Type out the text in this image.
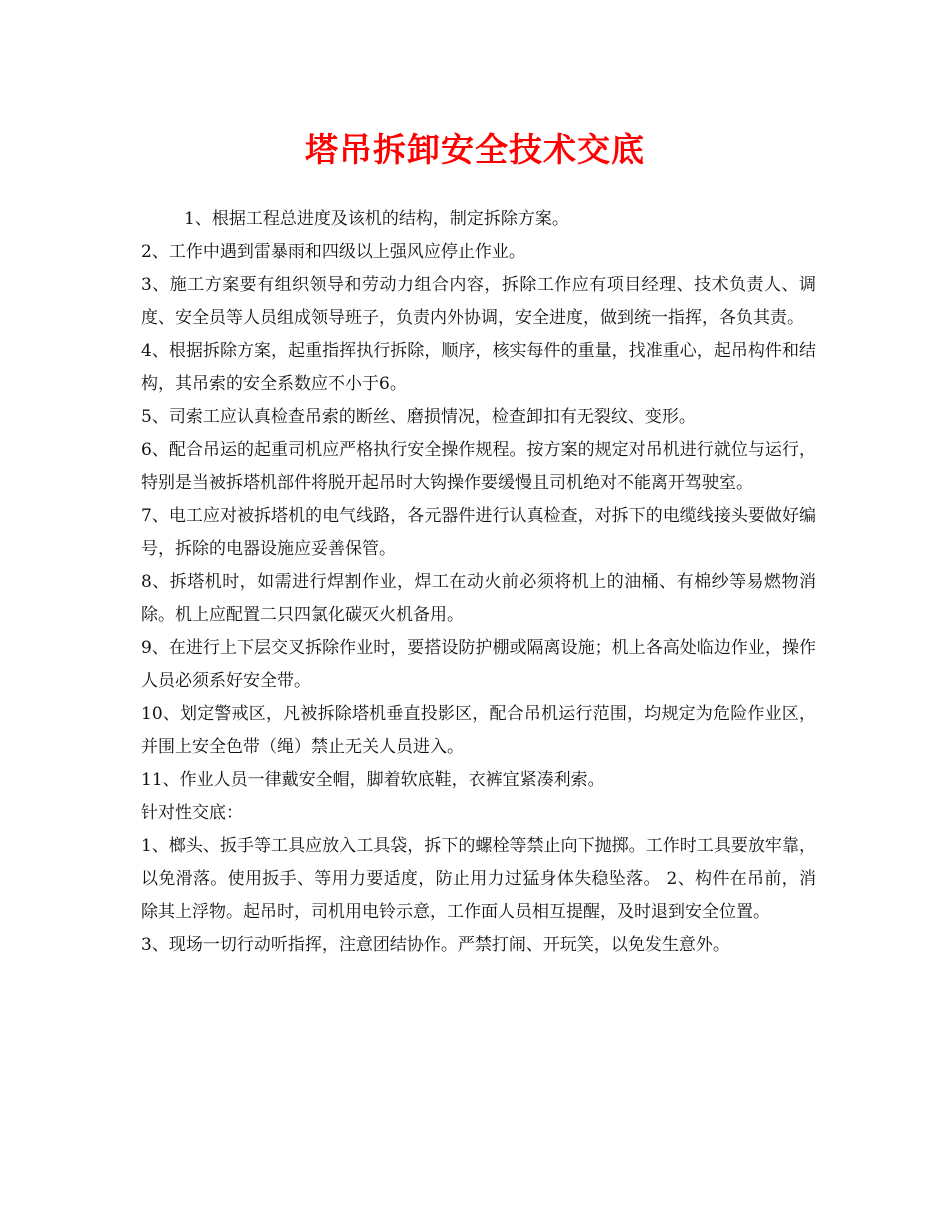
塔吊拆卸安全技术交底

1、根据工程总进度及该机的结构，制定拆除方案。

2、工作中遇到雷暴雨和四级以上强风应停止作业。

3、施工方案要有组织领导和劳动力组合内容，拆除工作应有项目经理、技术负责人、调度、安全员等人员组成领导班子，负责内外协调，安全进度，做到统一指挥，各负其责。

4、根据拆除方案，起重指挥执行拆除，顺序，核实每件的重量，找准重心，起吊构件和结构，其吊索的安全系数应不小于6。

5、司索工应认真检查吊索的断丝、磨损情况，检查卸扣有无裂纹、变形。

6、配合吊运的起重司机应严格执行安全操作规程。按方案的规定对吊机进行就位与运行，特别是当被拆塔机部件将脱开起吊时大钩操作要缓慢且司机绝对不能离开驾驶室。

7、电工应对被拆塔机的电气线路，各元器件进行认真检查，对拆下的电缆线接头要做好编号，拆除的电器设施应妥善保管。

8、拆塔机时，如需进行焊割作业，焊工在动火前必须将机上的油桶、有棉纱等易燃物消除。机上应配置二只四氯化碳灭火机备用。

9、在进行上下层交叉拆除作业时，要搭设防护棚或隔离设施；机上各高处临边作业，操作人员必须系好安全带。

10、划定警戒区，凡被拆除塔机垂直投影区，配合吊机运行范围，均规定为危险作业区，并围上安全色带（绳）禁止无关人员进入。

11、作业人员一律戴安全帽，脚着软底鞋，衣裤宜紧凑利索。

针对性交底：

1、榔头、扳手等工具应放入工具袋，拆下的螺栓等禁止向下抛掷。工作时工具要放牢靠，以免滑落。使用扳手、等用力要适度，防止用力过猛身体失稳坠落。 2、构件在吊前，消除其上浮物。起吊时，司机用电铃示意，工作面人员相互提醒，及时退到安全位置。

3、现场一切行动听指挥，注意团结协作。严禁打闹、开玩笑，以免发生意外。
